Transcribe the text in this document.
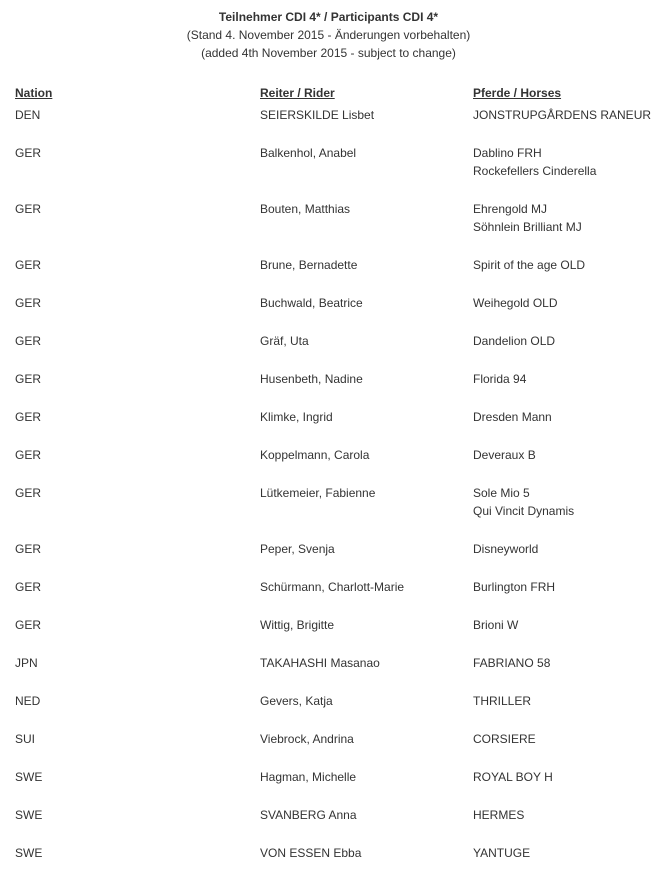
Teilnehmer CDI 4* / Participants CDI 4*
(Stand 4. November 2015 - Änderungen vorbehalten)
(added 4th November 2015 - subject to change)
Nation	Reiter / Rider	Pferde / Horses
DEN	SEIERSKILDE Lisbet	JONSTRUPGÅRDENS RANEUR
GER	Balkenhol, Anabel	Dablino FRH
Rockefellers Cinderella
GER	Bouten, Matthias	Ehrengold MJ
Söhnlein Brilliant MJ
GER	Brune, Bernadette	Spirit of the age OLD
GER	Buchwald, Beatrice	Weihegold OLD
GER	Gräf, Uta	Dandelion OLD
GER	Husenbeth, Nadine	Florida 94
GER	Klimke, Ingrid	Dresden Mann
GER	Koppelmann, Carola	Deveraux B
GER	Lütkemeier, Fabienne	Sole Mio 5
Qui Vincit Dynamis
GER	Peper, Svenja	Disneyworld
GER	Schürmann, Charlott-Marie	Burlington FRH
GER	Wittig, Brigitte	Brioni W
JPN	TAKAHASHI Masanao	FABRIANO 58
NED	Gevers, Katja	THRILLER
SUI	Viebrock, Andrina	CORSIERE
SWE	Hagman, Michelle	ROYAL BOY H
SWE	SVANBERG Anna	HERMES
SWE	VON ESSEN Ebba	YANTUGE
